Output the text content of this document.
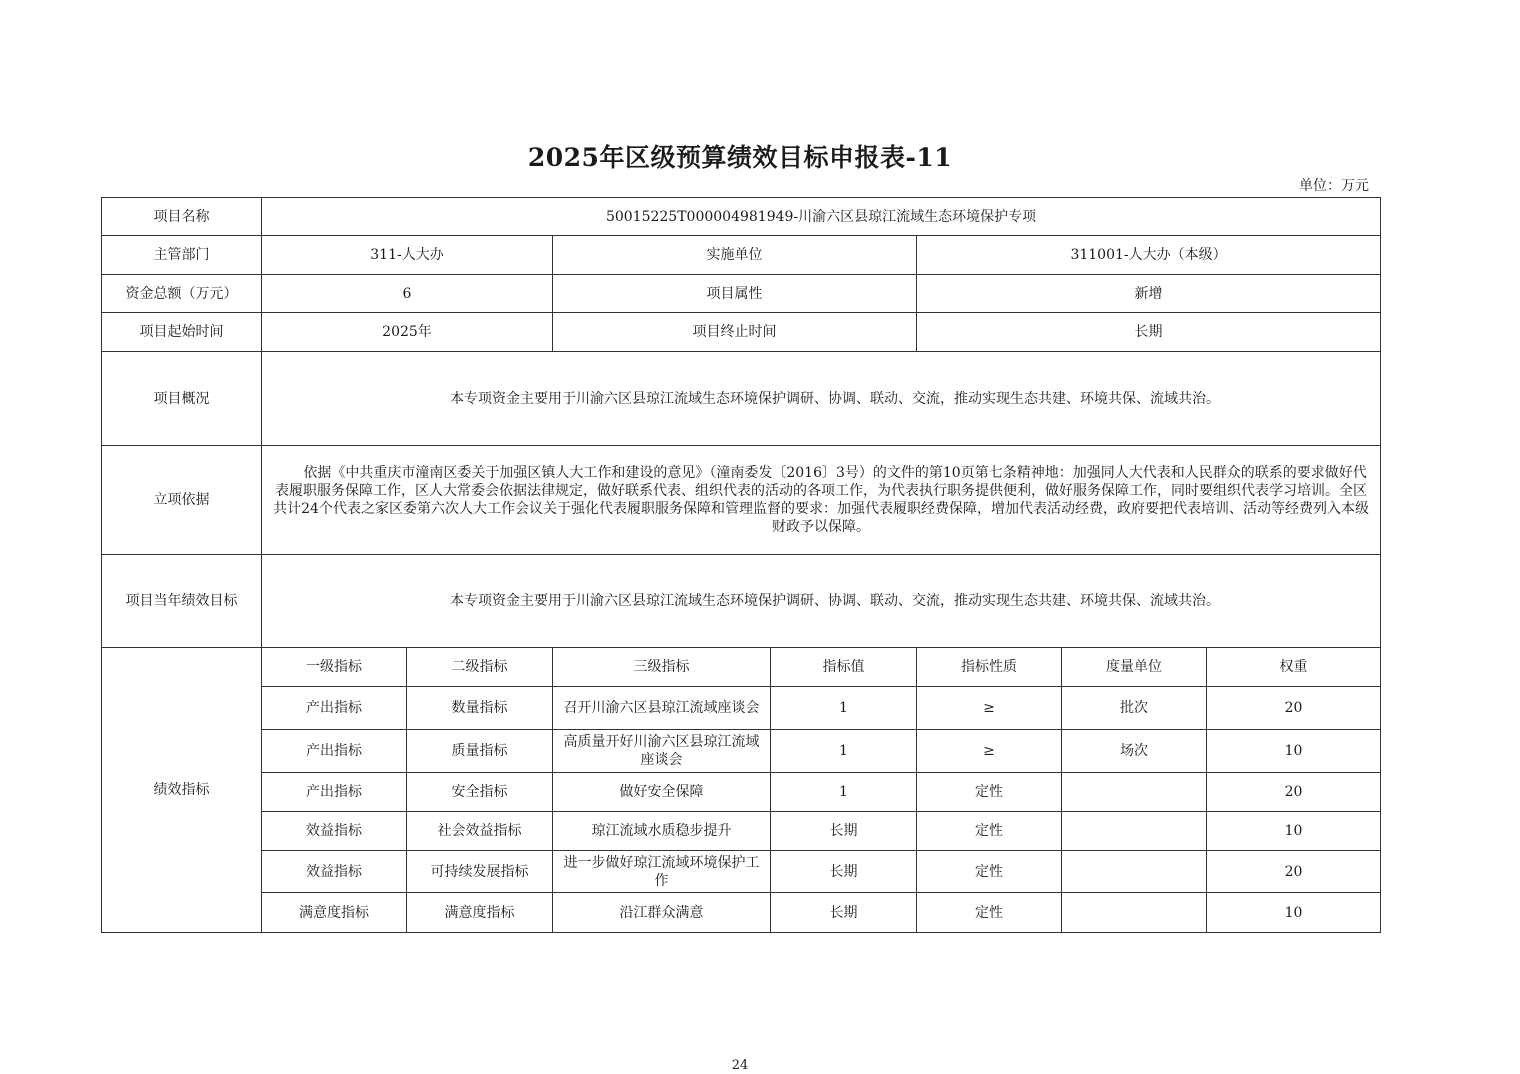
2025年区级预算绩效目标申报表-11
单位：万元
项目名称	50015225T000004981949-川渝六区县琼江流域生态环境保护专项						
主管部门	311-人大办		实施单位		311001-人大办（本级）		
资金总额（万元）	6		项目属性		新增		
项目起始时间	2025年		项目终止时间		长期		
项目概况	本专项资金主要用于川渝六区县琼江流域生态环境保护调研、协调、联动、交流，推动实现生态共建、环境共保、流域共治。						
立项依据	依据《中共重庆市潼南区委关于加强区镇人大工作和建设的意见》（潼南委发〔2016〕3号）的文件的第10页第七条精神地：加强同人大代表和人民群众的联系的要求做好代表履职服务保障工作，区人大常委会依据法律规定，做好联系代表、组织代表的活动的各项工作，为代表执行职务提供便利，做好服务保障工作，同时要组织代表学习培训。全区共计24个代表之家区委第六次人大工作会议关于强化代表履职服务保障和管理监督的要求：加强代表履职经费保障，增加代表活动经费，政府要把代表培训、活动等经费列入本级财政予以保障。						
项目当年绩效目标	本专项资金主要用于川渝六区县琼江流域生态环境保护调研、协调、联动、交流，推动实现生态共建、环境共保、流域共治。						
绩效指标	一级指标	二级指标	三级指标	指标值	指标性质	度量单位	权重
	产出指标	数量指标	召开川渝六区县琼江流域座谈会	1	≥	批次	20
	产出指标	质量指标	高质量开好川渝六区县琼江流域座谈会	1	≥	场次	10
	产出指标	安全指标	做好安全保障	1	定性		20
	效益指标	社会效益指标	琼江流域水质稳步提升	长期	定性		10
	效益指标	可持续发展指标	进一步做好琼江流域环境保护工作	长期	定性		20
	满意度指标	满意度指标	沿江群众满意	长期	定性		10
24
